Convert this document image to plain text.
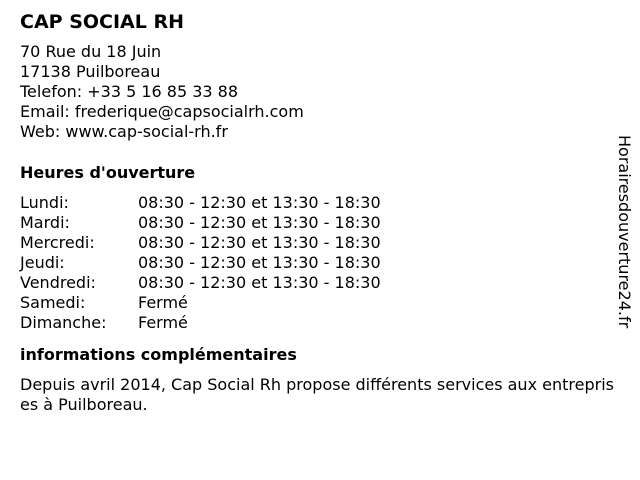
CAP SOCIAL RH
70 Rue du 18 Juin
17138 Puilboreau
Telefon: +33 5 16 85 33 88
Email: frederique@capsocialrh.com
Web: www.cap-social-rh.fr
Heures d'ouverture
Lundi:	08:30 - 12:30 et 13:30 - 18:30
Mardi:	08:30 - 12:30 et 13:30 - 18:30
Mercredi:	08:30 - 12:30 et 13:30 - 18:30
Jeudi:	08:30 - 12:30 et 13:30 - 18:30
Vendredi:	08:30 - 12:30 et 13:30 - 18:30
Samedi:	Fermé
Dimanche:	Fermé
informations complémentaires
Depuis avril 2014, Cap Social Rh propose différents services aux entreprises à Puilboreau.
Horairesdouverture24.fr
